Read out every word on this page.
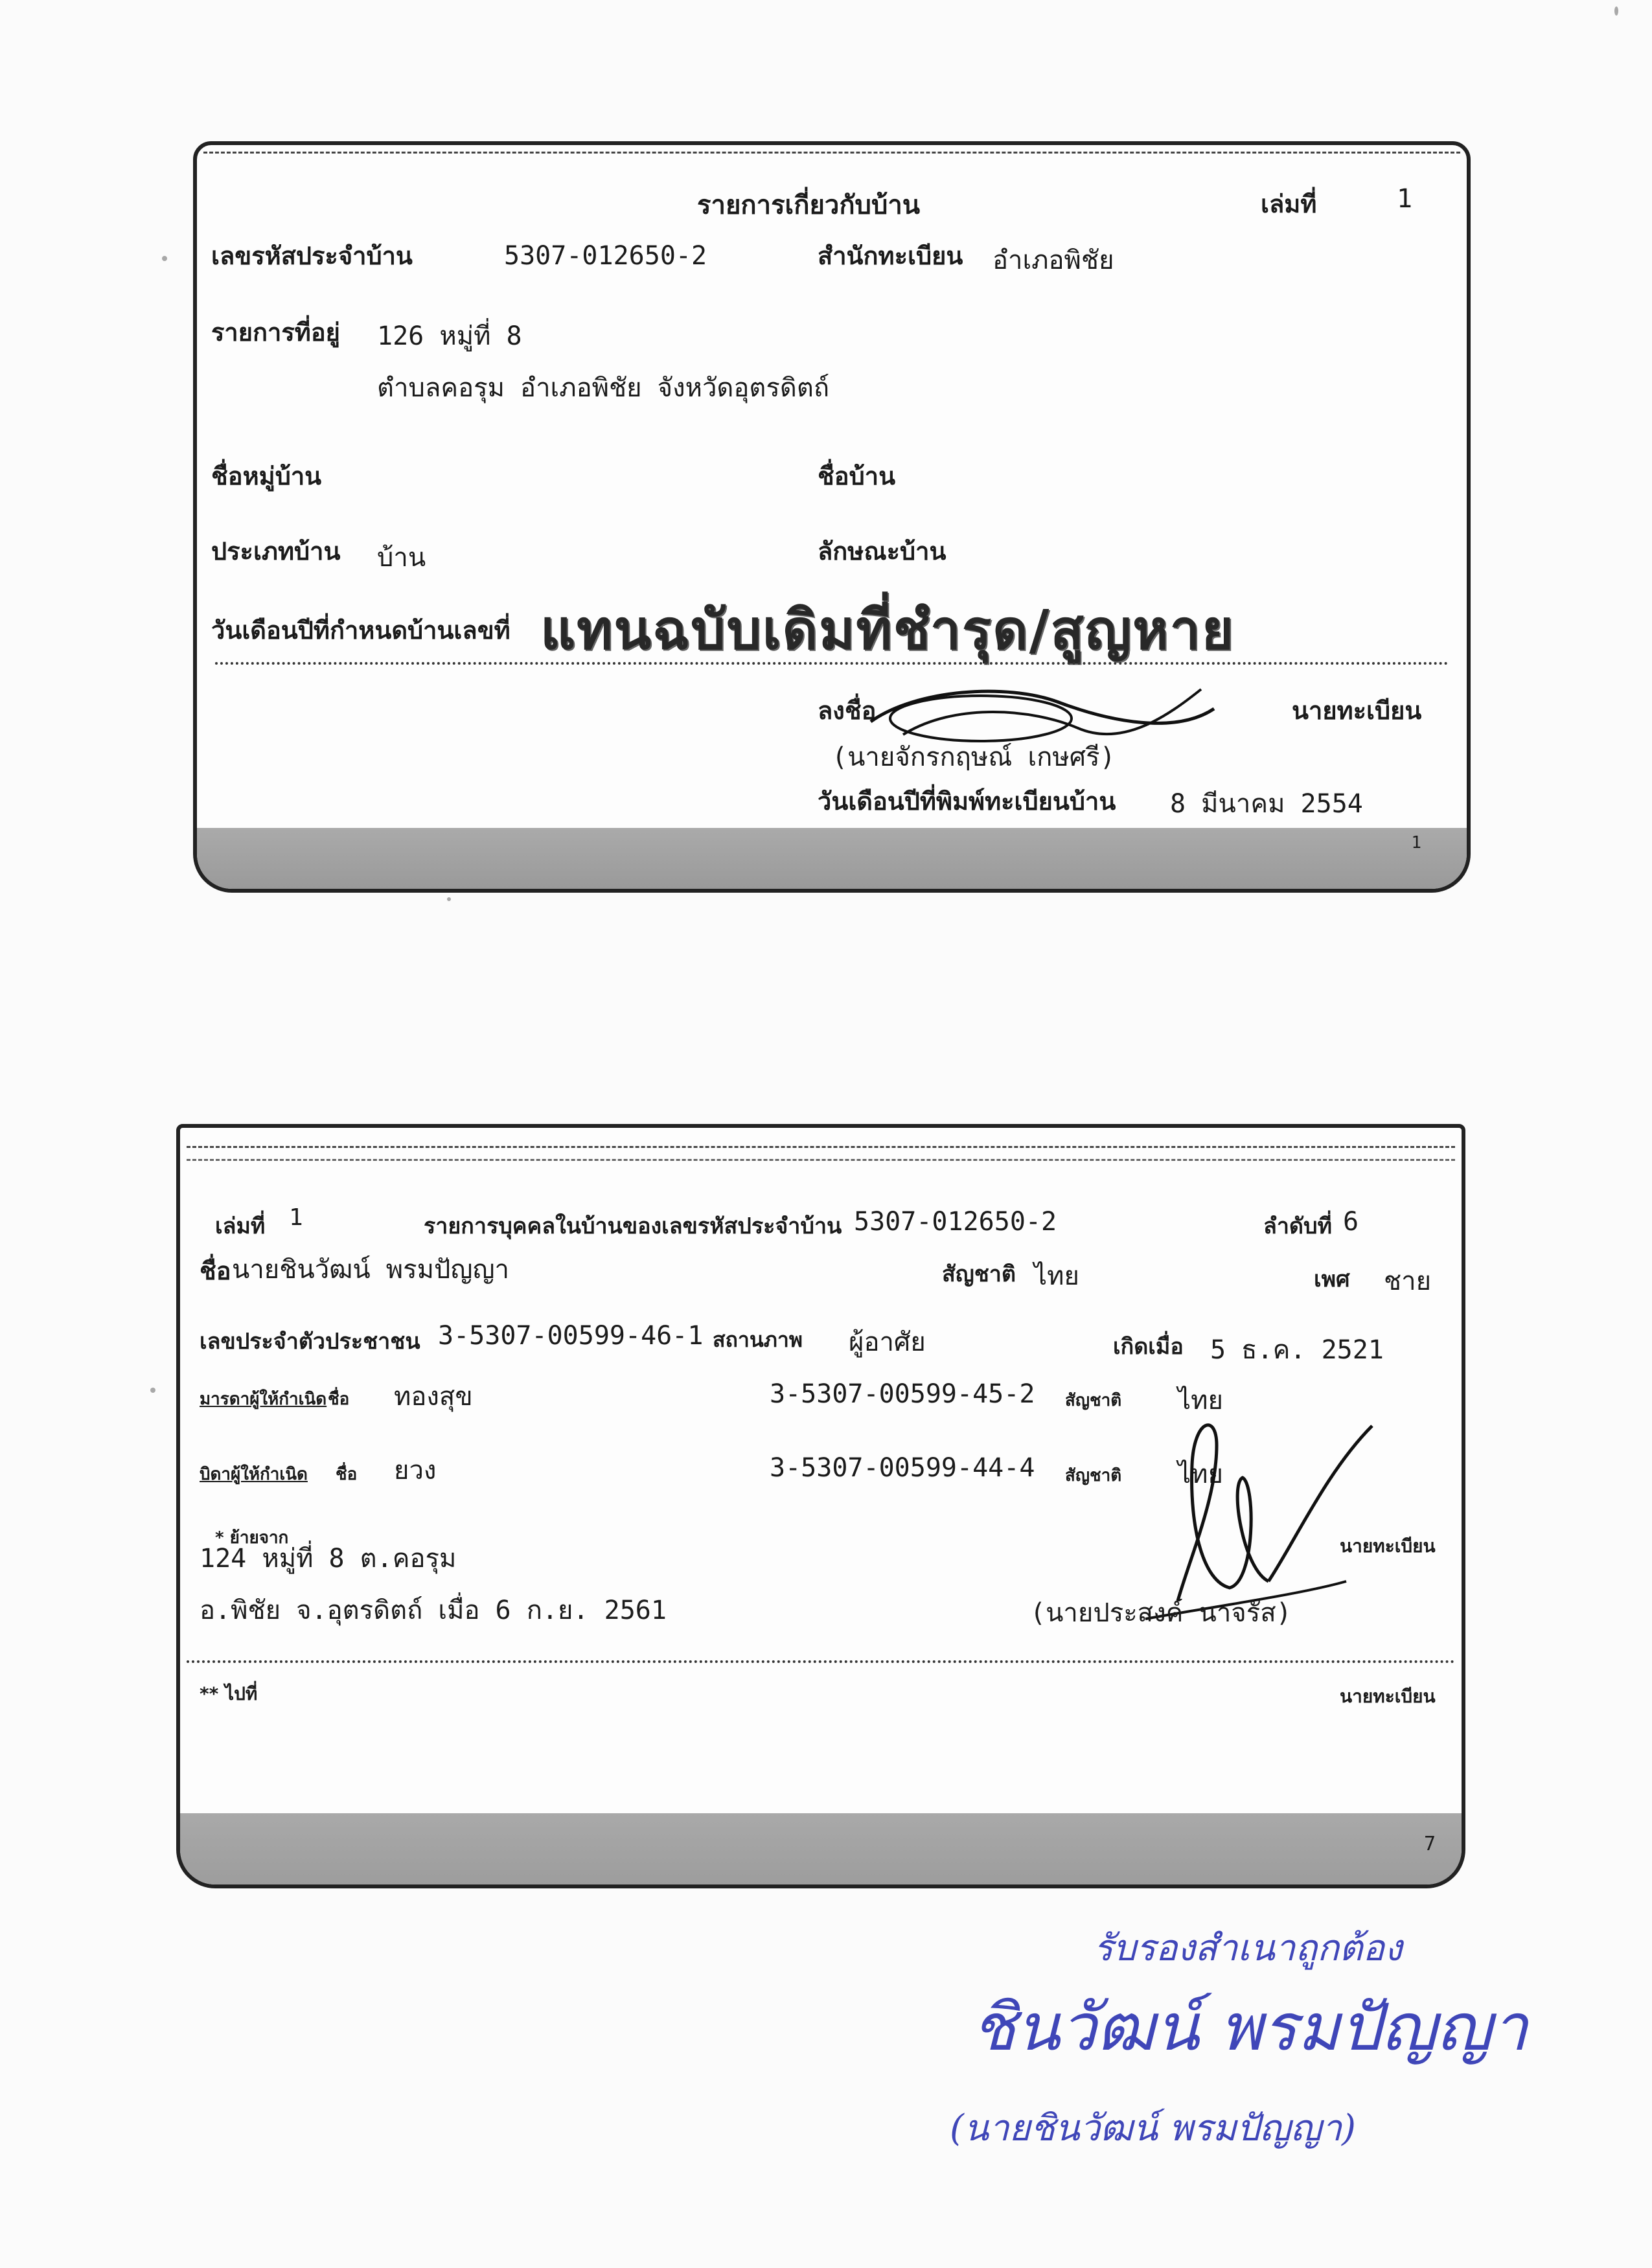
รายการเกี่ยวกับบ้าน	เล่มที่	1
เลขรหัสประจำบ้าน	5307-012650-2	สำนักทะเบียน อำเภอพิชัย
รายการที่อยู่ 126 หมู่ที่ 8
ตำบลคอรุม อำเภอพิชัย จังหวัดอุตรดิตถ์
ชื่อหมู่บ้าน	ชื่อบ้าน
ประเภทบ้าน บ้าน	ลักษณะบ้าน
วันเดือนปีที่กำหนดบ้านเลขที่ แทนฉบับเดิมที่ชำรุด/สูญหาย
ลงชื่อ	นายทะเบียน
(นายจักรกฤษณ์ เกษศรี)
วันเดือนปีที่พิมพ์ทะเบียนบ้าน 8 มีนาคม 2554
1
เล่มที่ 1	รายการบุคคลในบ้านของเลขรหัสประจำบ้าน 5307-012650-2	ลำดับที่ 6
ชื่อ นายชินวัฒน์ พรมปัญญา	สัญชาติ ไทย	เพศ ชาย
เลขประจำตัวประชาชน 3-5307-00599-46-1 สถานภาพ ผู้อาศัย	เกิดเมื่อ 5 ธ.ค. 2521
มารดาผู้ให้กำเนิด ชื่อ ทองสุข	3-5307-00599-45-2 สัญชาติ ไทย
บิดาผู้ให้กำเนิด ชื่อ ยวง	3-5307-00599-44-4 สัญชาติ ไทย
* ย้ายจาก
124 หมู่ที่ 8 ต.คอรุม
อ.พิชัย จ.อุตรดิตถ์ เมื่อ 6 ก.ย. 2561
นายทะเบียน
(นายประสงค์ นาจรัส)
** ไปที่	นายทะเบียน
7
รับรองสำเนาถูกต้อง
ชินวัฒน์ พรมปัญญา
(นายชินวัฒน์ พรมปัญญา)
